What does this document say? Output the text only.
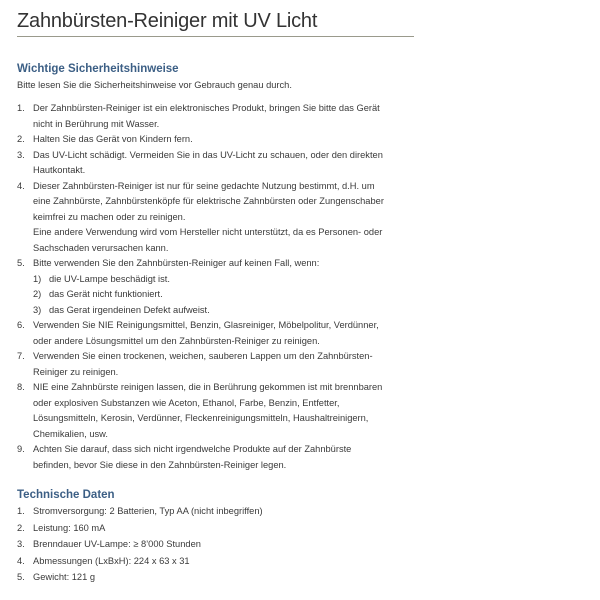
Zahnbürsten-Reiniger mit UV Licht
Wichtige Sicherheitshinweise
Bitte lesen Sie die Sicherheitshinweise vor Gebrauch genau durch.
1. Der Zahnbürsten-Reiniger ist ein elektronisches Produkt, bringen Sie bitte das Gerät
nicht in Berührung mit Wasser.
2. Halten Sie das Gerät von Kindern fern.
3. Das UV-Licht schädigt. Vermeiden Sie in das UV-Licht zu schauen, oder den direkten
Hautkontakt.
4. Dieser Zahnbürsten-Reiniger ist nur für seine gedachte Nutzung bestimmt, d.H. um
eine Zahnbürste, Zahnbürstenköpfe für elektrische Zahnbürsten oder Zungenschaber
keimfrei zu machen oder zu reinigen.
Eine andere Verwendung wird vom Hersteller nicht unterstützt, da es Personen- oder
Sachschaden verursachen kann.
5. Bitte verwenden Sie den Zahnbürsten-Reiniger auf keinen Fall, wenn:
1) die UV-Lampe beschädigt ist.
2) das Gerät nicht funktioniert.
3) das Gerat irgendeinen Defekt aufweist.
6. Verwenden Sie NIE Reinigungsmittel, Benzin, Glasreiniger, Möbelpolitur, Verdünner,
oder andere Lösungsmittel um den Zahnbürsten-Reiniger zu reinigen.
7. Verwenden Sie einen trockenen, weichen, sauberen Lappen um den Zahnbürsten-
Reiniger zu reinigen.
8. NIE eine Zahnbürste reinigen lassen, die in Berührung gekommen ist mit brennbaren
oder explosiven Substanzen wie Aceton, Ethanol, Farbe, Benzin, Entfetter,
Lösungsmitteln, Kerosin, Verdünner, Fleckenreinigungsmitteln, Haushaltreinigern,
Chemikalien, usw.
9. Achten Sie darauf, dass sich nicht irgendwelche Produkte auf der Zahnbürste
befinden, bevor Sie diese in den Zahnbürsten-Reiniger legen.
Technische Daten
1. Stromversorgung: 2 Batterien, Typ AA (nicht inbegriffen)
2. Leistung: 160 mA
3. Brenndauer UV-Lampe: ≥ 8’000 Stunden
4. Abmessungen (LxBxH): 224 x 63 x 31
5. Gewicht: 121 g
